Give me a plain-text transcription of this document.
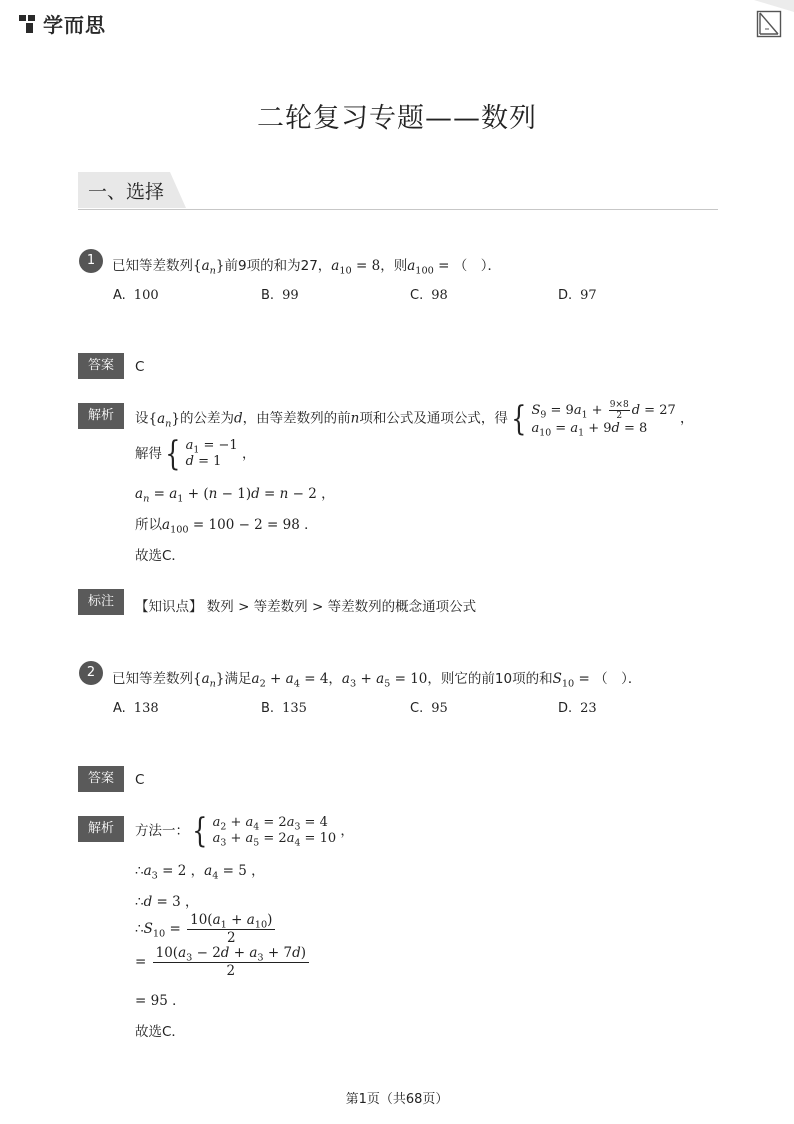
学而思
二轮复习专题——数列
一、选择
1	已知等差数列$\{a_n\}$前9项的和为27，$a_{10} = 8$，则$a_{100}$ = （　）．
A. 100	B. 99	C. 98	D. 97
答案	C
解析	设$\{a_n\}$的公差为d，由等差数列的前n项和公式及通项公式，得 { $S_9 = 9a_1 + \frac{9\times 8}{2}$ d = 27
$a_{10} = a_1 + 9d = 8$
，
解得 { $a_1 = -1$
d = 1	，
$a_n = a_1 + (n - 1)d = n - 2$ ，
所以$a_{100} = 100 - 2 = 98$ ．
故选C．
标注	【知识点】 数列 > 等差数列 > 等差数列的概念通项公式
2	已知等差数列$\{a_n\}$满足$a_2 + a_4 = 4$，$a_3 + a_5 = 10$，则它的前10项的和$S_{10}$ = （　）．
A. 138	B. 135	C. 95	D. 23
答案	C
解析	方法一： { $a_2 + a_4 = 2a_3 = 4$
$a_3 + a_5 = 2a_4 = 10$ ，
$\therefore a_3 = 2$ ，$a_4 = 5$ ，
∴d = 3 ，
$\therefore S_{10} = \frac{10(a_1 + a_{10})}{2}$
= $\frac{10(a_3 - 2d + a_3 + 7d)}{2}$
= 95 ．
故选C．
第1页（共68页）
